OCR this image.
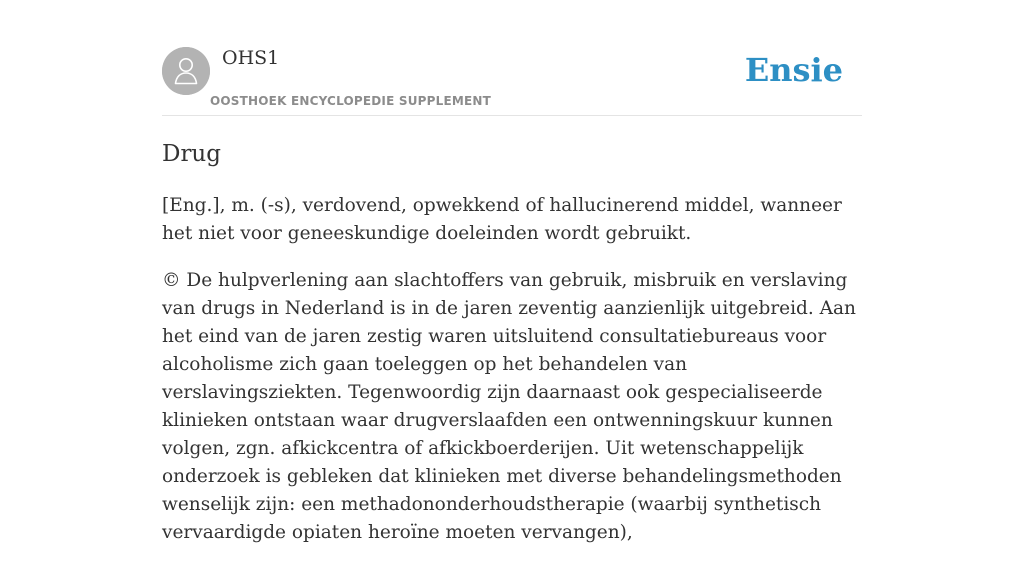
OHS1
OOSTHOEK ENCYCLOPEDIE SUPPLEMENT
Ensie
Drug

[Eng.], m. (-s), verdovend, opwekkend of hallucinerend middel, wanneer het niet voor geneeskundige doeleinden wordt gebruikt.

© De hulpverlening aan slachtoffers van gebruik, misbruik en verslaving van drugs in Nederland is in de jaren zeventig aanzienlijk uitgebreid. Aan het eind van de jaren zestig waren uitsluitend consultatiebureaus voor alcoholisme zich gaan toeleggen op het behandelen van verslavingsziekten. Tegenwoordig zijn daarnaast ook gespecialiseerde klinieken ontstaan waar drugverslaafden een ontwenningskuur kunnen volgen, zgn. afkickcentra of afkickboerderijen. Uit wetenschappelijk onderzoek is gebleken dat klinieken met diverse behandelingsmethoden wenselijk zijn: een methadononderhoudstherapie (waarbij synthetisch vervaardigde opiaten heroïne moeten vervangen),
